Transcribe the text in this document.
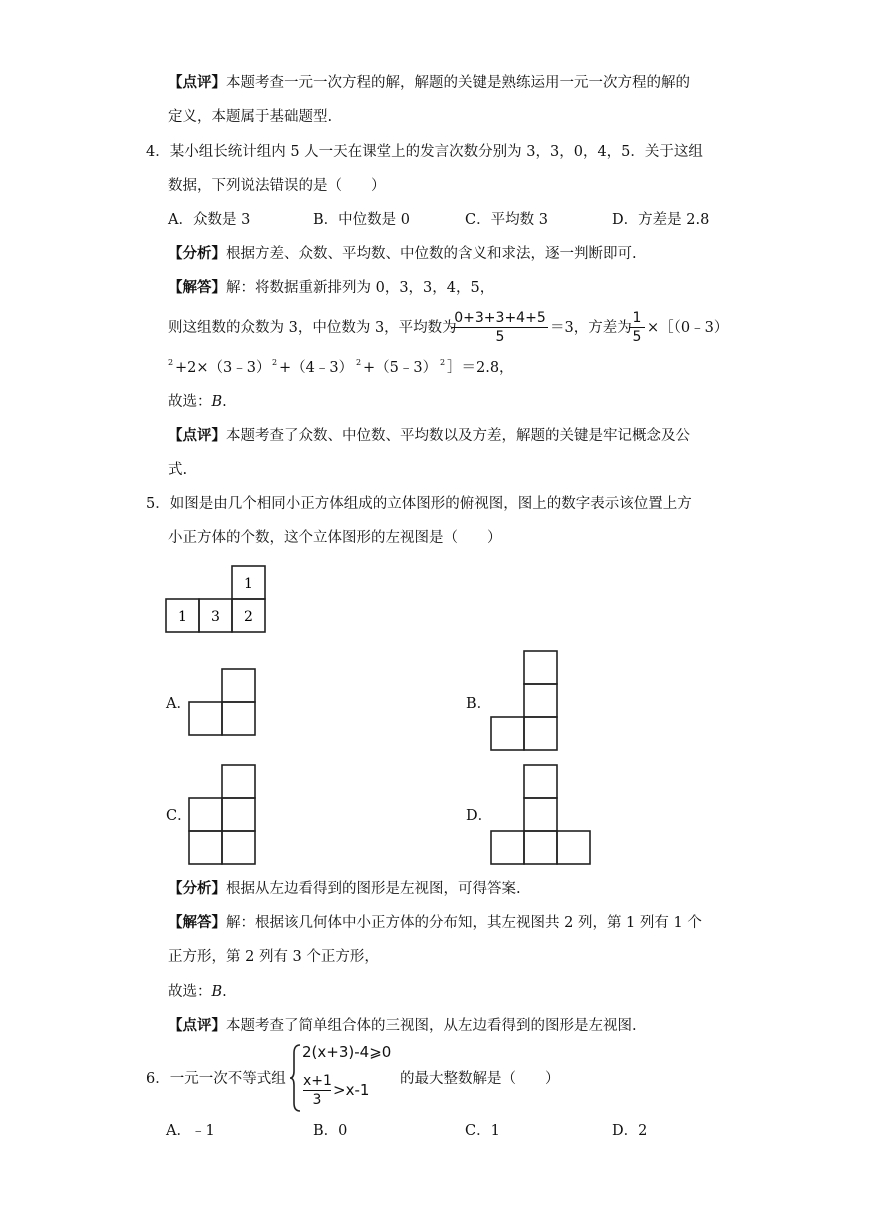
【点评】本题考查一元一次方程的解，解题的关键是熟练运用一元一次方程的解的
定义，本题属于基础题型.
4．某小组长统计组内 5 人一天在课堂上的发言次数分别为 3，3，0，4，5．关于这组
数据，下列说法错误的是（　　）
A．众数是 3	B．中位数是 0	C．平均数 3	D．方差是 2.8
【分析】根据方差、众数、平均数、中位数的含义和求法，逐一判断即可.
【解答】解：将数据重新排列为 0，3，3，4，5，
则这组数的众数为 3，中位数为 3，平均数为
0+3+3+4+5
5
＝3，方差为
1
5
×［（0﹣3）
2 +2×（3﹣3） 2 +（4﹣3） 2 +（5﹣3） 2 ］＝2.8，
故选：B.
【点评】本题考查了众数、中位数、平均数以及方差，解题的关键是牢记概念及公
式.
5．如图是由几个相同小正方体组成的立体图形的俯视图，图上的数字表示该位置上方
小正方体的个数，这个立体图形的左视图是（　　）
1
1 3 2
A．	B．
C．	D．
【分析】根据从左边看得到的图形是左视图，可得答案.
【解答】解：根据该几何体中小正方体的分布知，其左视图共 2 列，第 1 列有 1 个
正方形，第 2 列有 3 个正方形，
故选：B.
【点评】本题考查了简单组合体的三视图，从左边看得到的图形是左视图.
6．一元一次不等式组
2(x+3)-4⩾0
x+1
3
>x-1
的最大整数解是（　　）
A．﹣1	B．0	C．1	D．2
